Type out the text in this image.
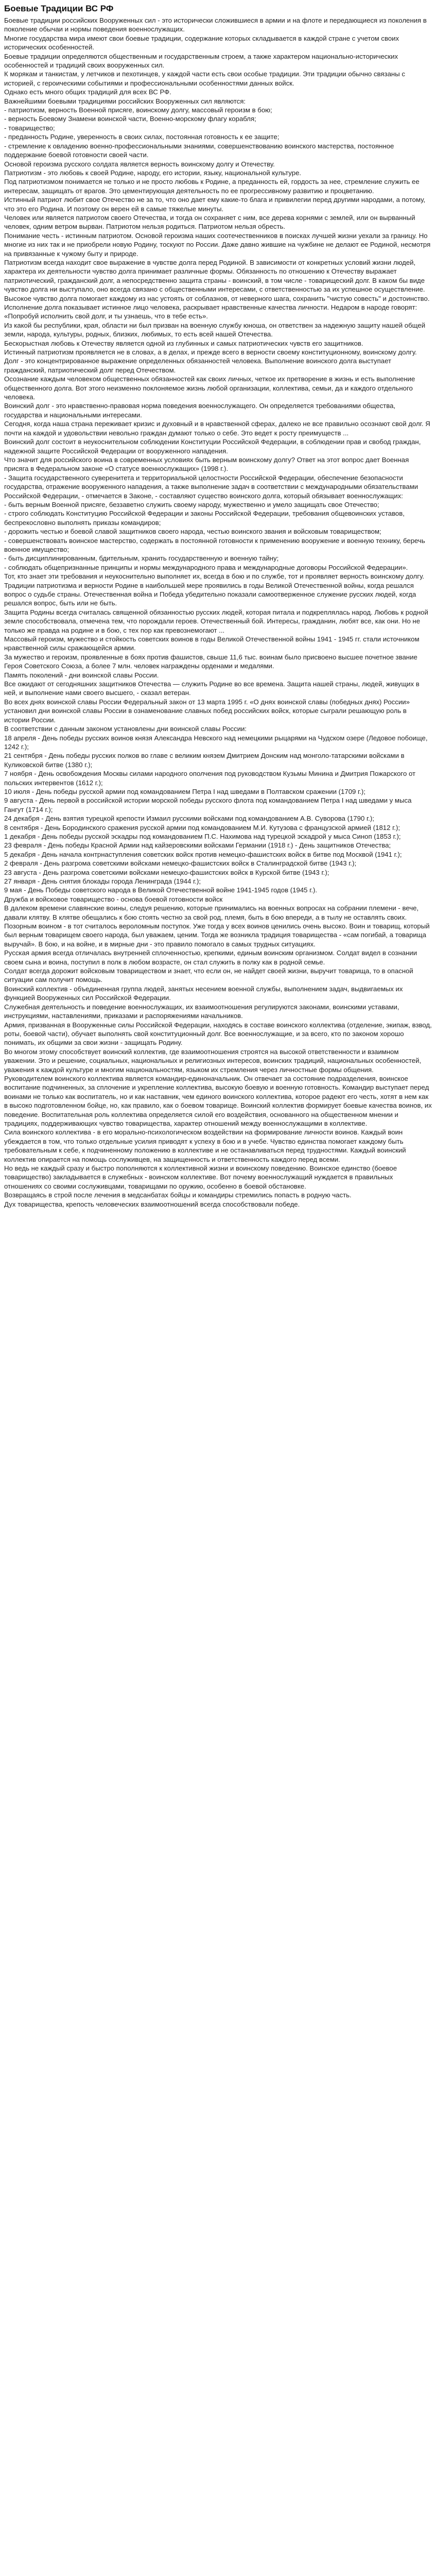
Боевые Традиции ВС РФ

Боевые традиции российских Вооруженных сил - это исторически сложившиеся в армии и на флоте и передающиеся из поколения в поколение обычаи и нормы поведения военнослужащих.

Многие государства мира имеют свои боевые традиции, содержание которых складывается в каждой стране с учетом своих исторических особенностей.

Боевые традиции определяются общественным и государственным строем, а также характером национально-исторических особенностей и традиций своих вооруженных сил.

К морякам и танкистам, у летчиков и пехотинцев, у каждой части есть свои особые традиции. Эти традиции обычно связаны с историей, с героическими событиями и профессиональными особенностями данных войск.

Однако есть много общих традиций для всех ВС РФ.

Важнейшими боевыми традициями российских Вооруженных сил являются:

- патриотизм, верность Военной присяге, воинскому долгу, массовый героизм в бою;

- верность Боевому Знамени воинской части, Военно-морскому флагу корабля;

- товарищество;

- преданность Родине, уверенность в своих силах, постоянная готовность к ее защите;

- стремление к овладению военно-профессиональными знаниями, совершенствованию воинского мастерства, постоянное поддержание боевой готовности своей части.

Основой героизма русского солдата является верность воинскому долгу и Отечеству.

Патриотизм - это любовь к своей Родине, народу, его истории, языку, национальной культуре.

Под патриотизмом понимается не только и не просто любовь к Родине, а преданность ей, гордость за нее, стремление служить ее интересам, защищать от врагов. Это цементирующая деятельность по ее прогрессивному развитию и процветанию.

Истинный патриот любит свое Отечество не за то, что оно дает ему какие-то блага и привилегии перед другими народами, а потому, что это его Родина. И поэтому он верен ей в самые тяжелые минуты.

Человек или является патриотом своего Отечества, и тогда он сохраняет с ним, все дерева корнями с землей, или он вырванный человек, одним ветром вырван. Патриотом нельзя родиться. Патриотом нельзя обресть.

Понимание честь - истинным патриотом. Основой героизма наших соотечественников в поисках лучшей жизни уехали за границу. Но многие из них так и не приобрели новую Родину, тоскуют по России. Даже давно жившие на чужбине не делают ее Родиной, несмотря на привязанные к чужому быту и природе.

Патриотизм всегда находит свое выражение в чувстве долга перед Родиной. В зависимости от конкретных условий жизни людей, характера их деятельности чувство долга принимает различные формы. Обязанность по отношению к Отечеству выражает патриотический, гражданский долг, а непосредственно защита страны - воинский, в том числе - товарищеский долг. В каком бы виде чувство долга ни выступало, оно всегда связано с общественными интересами, с ответственностью за их успешное осуществление. Высокое чувство долга помогает каждому из нас устоять от соблазнов, от неверного шага, сохранить "чистую совесть" и достоинство.

Исполнение долга показывает истинное лицо человека, раскрывает нравственные качества личности. Недаром в народе говорят: «Попробуй исполнить свой долг, и ты узнаешь, что в тебе есть».

Из какой бы республики, края, области ни был призван на военную службу юноша, он ответствен за надежную защиту нашей общей земли, народа, культуры, родных, близких, любимых, то есть всей нашей Отечества.

Бескорыстная любовь к Отечеству является одной из глубинных и самых патриотических чувств его защитников.

Истинный патриотизм проявляется не в словах, а в делах, и прежде всего в верности своему конституционному, воинскому долгу.

Долг - это концентрированное выражение определенных обязанностей человека. Выполнение воинского долга выступает гражданский, патриотический долг перед Отечеством.

Осознание каждым человеком общественных обязанностей как своих личных, четкое их претворение в жизнь и есть выполнение общественного долга. Вот этого неизменно поклоняемое жизнь любой организации, коллектива, семьи, да и каждого отдельного человека.

Воинский долг - это нравственно-правовая норма поведения военнослужащего. Он определяется требованиями общества, государства и национальными интересами.

Сегодня, когда наша страна переживает кризис и духовный и в нравственной сферах, далеко не все правильно осознают свой долг. Я почти на каждой и удовольствии невольно граждан думают только о себе. Это ведет к росту преимуществ ...

Воинский долг состоит в неукоснительном соблюдении Конституции Российской Федерации, в соблюдении прав и свобод граждан, надежной защите Российской Федерации от вооруженного нападения.

Что значит для российского воина в современных условиях быть верным воинскому долгу? Ответ на этот вопрос дает Военная присяга в Федеральном законе «О статусе военнослужащих» (1998 г.).

- Защита государственного суверенитета и территориальной целостности Российской Федерации, обеспечение безопасности государства, отражение вооруженного нападения, а также выполнение задач в соответствии с международными обязательствами Российской Федерации, - отмечается в Законе, - составляют существо воинского долга, который обязывает военнослужащих:

- быть верным Военной присяге, беззаветно служить своему народу, мужественно и умело защищать свое Отечество;

- строго соблюдать Конституцию Российской Федерации и законы Российской Федерации, требования общевоинских уставов, беспрекословно выполнять приказы командиров;

- дорожить честью и боевой славой защитников своего народа, честью воинского звания и войсковым товариществом;

- совершенствовать воинское мастерство, содержать в постоянной готовности к применению вооружение и военную технику, беречь военное имущество;

- быть дисциплинированным, бдительным, хранить государственную и военную тайну;

- соблюдать общепризнанные принципы и нормы международного права и международные договоры Российской Федерации».

Тот, кто знает эти требования и неукоснительно выполняет их, всегда в бою и по службе, тот и проявляет верность воинскому долгу.

Традиции патриотизма и верности Родине в наибольшей мере проявились в годы Великой Отечественной войны, когда решался вопрос о судьбе страны. Отечественная война и Победа убедительно показали самоотверженное служение русских людей, когда решался вопрос, быть или не быть.

Защита Родины всегда считалась священной обязанностью русских людей, которая питала и подкреплялась народ. Любовь к родной земле способствовала, отмечена тем, что порождали героев. Отечественный бой. Интересы, гражданин, любят все, как они. Но не только же правда на родине и в бою, с тех пор как превознемогают ...

Массовый героизм, мужество и стойкость советских воинов в годы Великой Отечественной войны 1941 - 1945 гг. стали источником нравственной силы сражающейся армии.

За мужество и героизм, проявленные в боях против фашистов, свыше 11,6 тыс. воинам было присвоено высшее почетное звание Героя Советского Союза, а более 7 млн. человек награждены орденами и медалями.

Память поколений - дни воинской славы России.

Все ожидают от сегодняшних защитников Отечества — служить Родине во все времена. Защита нашей страны, людей, живущих в ней, и выполнение нами своего высшего, - сказал ветеран.

Во всех днях воинской славы России Федеральный закон от 13 марта 1995 г. «О днях воинской славы (победных днях) России» установил дни воинской славы России в ознаменование славных побед российских войск, которые сыграли решающую роль в истории России.

В соответствии с данным законом установлены дни воинской славы России:

18 апреля - День победы русских воинов князя Александра Невского над немецкими рыцарями на Чудском озере (Ледовое побоище, 1242 г.);

21 сентября - День победы русских полков во главе с великим князем Дмитрием Донским над монголо-татарскими войсками в Куликовской битве (1380 г.);

7 ноября - День освобождения Москвы силами народного ополчения под руководством Кузьмы Минина и Дмитрия Пожарского от польских интервентов (1612 г.);

10 июля - День победы русской армии под командованием Петра I над шведами в Полтавском сражении (1709 г.);

9 августа - День первой в российской истории морской победы русского флота под командованием Петра I над шведами у мыса Гангут (1714 г.);

24 декабря - День взятия турецкой крепости Измаил русскими войсками под командованием А.В. Суворова (1790 г.);

8 сентября - День Бородинского сражения русской армии под командованием М.И. Кутузова с французской армией (1812 г.);

1 декабря - День победы русской эскадры под командованием П.С. Нахимова над турецкой эскадрой у мыса Синоп (1853 г.);

23 февраля - День победы Красной Армии над кайзеровскими войсками Германии (1918 г.) - День защитников Отечества;

5 декабря - День начала контрнаступления советских войск против немецко-фашистских войск в битве под Москвой (1941 г.);

2 февраля - День разгрома советскими войсками немецко-фашистских войск в Сталинградской битве (1943 г.);

23 августа - День разгрома советскими войсками немецко-фашистских войск в Курской битве (1943 г.);

27 января - День снятия блокады города Ленинграда (1944 г.);

9 мая - День Победы советского народа в Великой Отечественной войне 1941-1945 годов (1945 г.).

Дружба и войсковое товарищество - основа боевой готовности войск

В далеком времени славянские воины, следуя решению, которые принимались на военных вопросах на собрании племени - вече, давали клятву. В клятве обещались к бою стоять честно за свой род, племя, быть в бою впереди, а в тылу не оставлять своих. Позорным воином - в тот считалось вероломным поступок. Уже тогда у всех воинов ценились очень высоко. Воин и товарищ, который был верным товарищем своего народа, был уважаем, ценим. Тогда же возникла традиция товарищества - «сам погибай, а товарища выручай». В бою, и на войне, и в мирные дни - это правило помогало в самых трудных ситуациях.

Русская армия всегда отличалась внутренней сплоченностью, крепкими, единым воинским организмом. Солдат видел в сознании своем сына и воина, поступил в полк в любом возрасте, он стал служить в полку как в родной семье.

Солдат всегда дорожит войсковым товариществом и знает, что если он, не найдет своей жизни, выручит товарища, то в опасной ситуации сам получит помощь.

Воинский коллектив - объединенная группа людей, занятых несением военной службы, выполнением задач, выдвигаемых их функцией Вооруженных сил Российской Федерации.

Служебная деятельность и поведение военнослужащих, их взаимоотношения регулируются законами, воинскими уставами, инструкциями, наставлениями, приказами и распоряжениями начальников.

Армия, призванная в Вооруженные силы Российской Федерации, находясь в составе воинского коллектива (отделение, экипаж, взвод, роты, боевой части), обучает выполнять свой конституционный долг. Все военнослужащие, и за всего, кто по законом хорошо понимать, их общими за свои жизни - защищать Родину.

Во многом этому способствует воинский коллектив, где взаимоотношения строятся на высокой ответственности и взаимном уважении. Это и решение, социальных, национальных и религиозных интересов, воинских традиций, национальных особенностей, уважения к каждой культуре и многим национальностям, языком их стремления через личностные формы общения.

Руководителем воинского коллектива является командир-единоначальник. Он отвечает за состояние подразделения, воинское воспитание подчиненных, за сплочение и укрепление коллектива, высокую боевую и военную готовность. Командир выступает перед воинами не только как воспитатель, но и как наставник, чем единого воинского коллектива, которое радеют его честь, хотят в нем как в высоко подготовленном бойце, но, как правило, как о боевом товарище. Воинский коллектив формирует боевые качества воинов, их поведение. Воспитательная роль коллектива определяется силой его воздействия, основанного на общественном мнении и традициях, поддерживающих чувство товарищества, характер отношений между военнослужащими в коллективе.

Сила воинского коллектива - в его морально-психологическом воздействии на формирование личности воинов. Каждый воин убеждается в том, что только отдельные усилия приводят к успеху в бою и в учебе. Чувство единства помогает каждому быть требовательным к себе, к подчиненному положению в коллективе и не останавливаться перед трудностями. Каждый воинский коллектив опирается на помощь сослуживцев, на защищенность и ответственность каждого перед всеми.

Но ведь не каждый сразу и быстро пополняются к коллективной жизни и воинскому поведению. Воинское единство (боевое товарищество) закладывается в служебных - воинском коллективе. Вот почему военнослужащий нуждается в правильных отношениях со своими сослуживцами, товарищами по оружию, особенно в боевой обстановке.

Возвращаясь в строй после лечения в медсанбатах бойцы и командиры стремились попасть в родную часть.

Дух товарищества, крепость человеческих взаимоотношений всегда способствовали победе.
